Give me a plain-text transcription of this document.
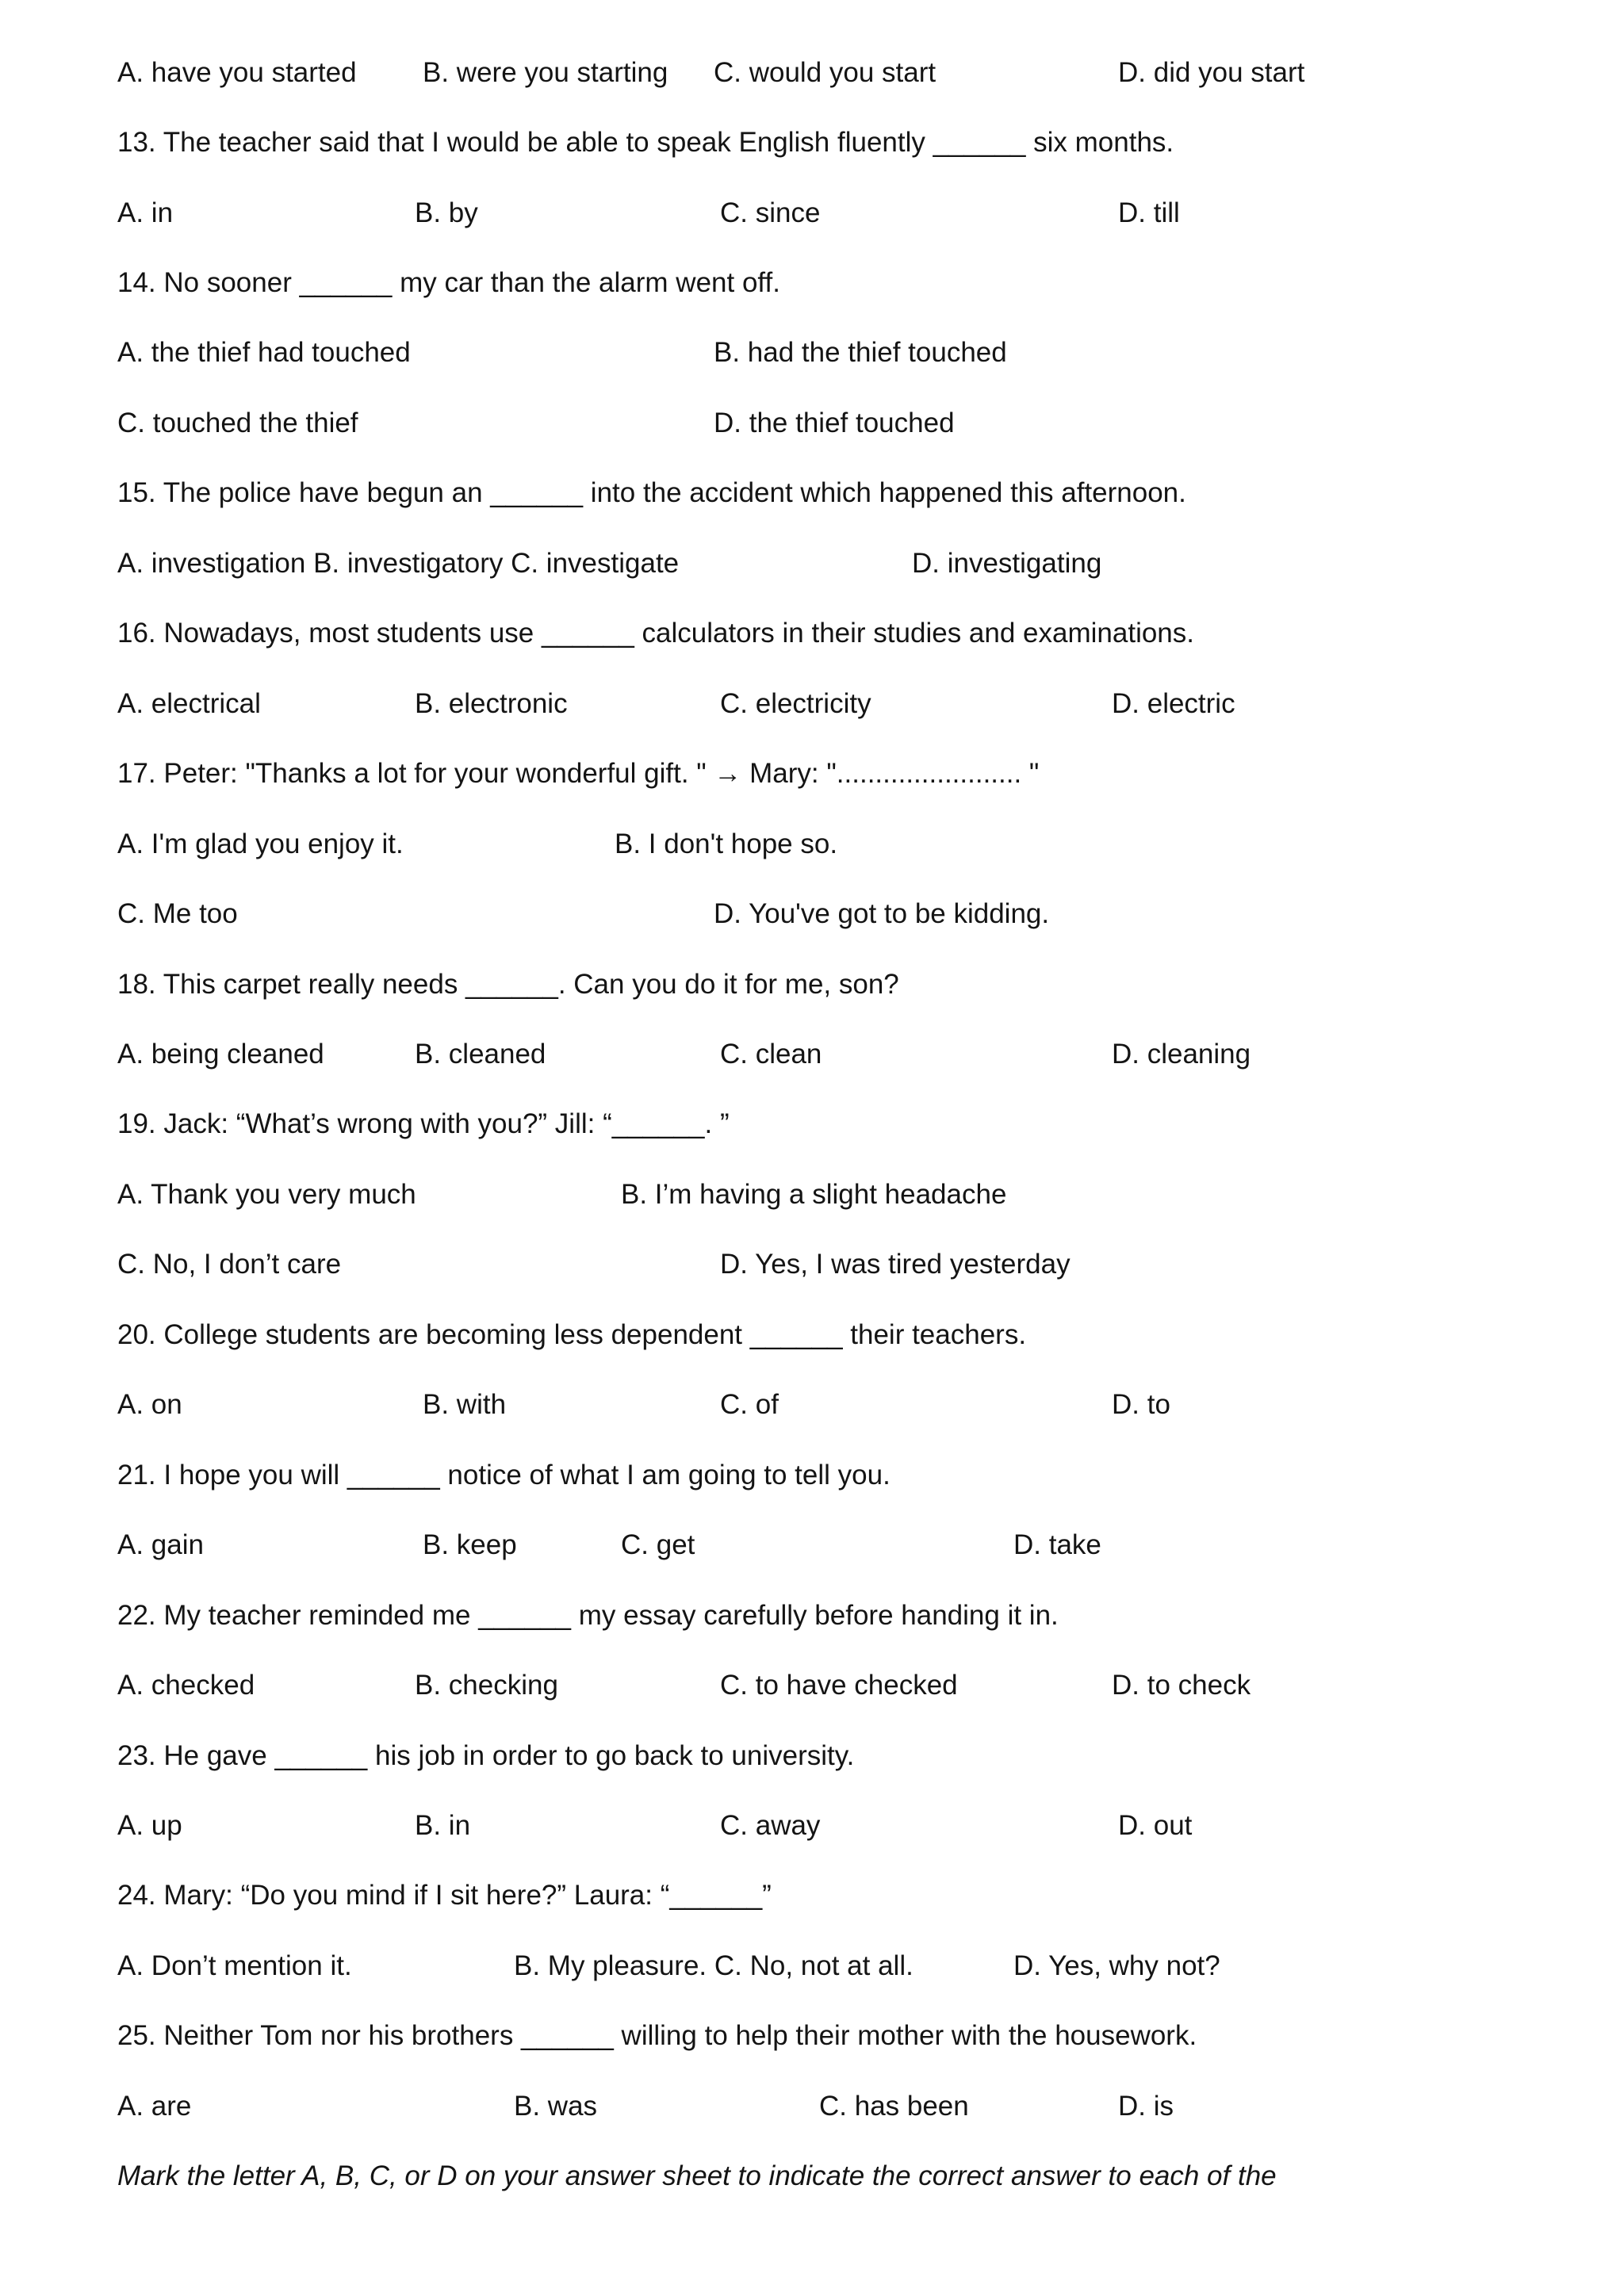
A. have you started B. were you starting C. would you start	D. did you start
13. The teacher said that I would be able to speak English fluently ______ six months.
A. in	B. by	C. since	D. till
14. No sooner ______ my car than the alarm went off.
A. the thief had touched	B. had the thief touched
C. touched the thief	D. the thief touched
15. The police have begun an ______ into the accident which happened this afternoon.
A. investigation B. investigatory C. investigate	D. investigating
16. Nowadays, most students use ______ calculators in their studies and examinations.
A. electrical	B. electronic	C. electricity	D. electric
17. Peter: "Thanks a lot for your wonderful gift. " → Mary: "........................ "
A. I'm glad you enjoy it.	B. I don't hope so.
C. Me too	D. You've got to be kidding.
18. This carpet really needs ______. Can you do it for me, son?
A. being cleaned	B. cleaned	C. clean	D. cleaning
19. Jack: “What’s wrong with you?” Jill: “______. ”
A. Thank you very much	B. I’m having a slight headache
C. No, I don’t care	D. Yes, I was tired yesterday
20. College students are becoming less dependent ______ their teachers.
A. on	B. with	C. of	D. to
21. I hope you will ______ notice of what I am going to tell you.
A. gain	B. keep	C. get	D. take
22. My teacher reminded me ______ my essay carefully before handing it in.
A. checked	B. checking	C. to have checked	D. to check
23. He gave ______ his job in order to go back to university.
A. up	B. in	C. away	D. out
24. Mary: “Do you mind if I sit here?” Laura: “______”
A. Don’t mention it.	B. My pleasure. C. No, not at all.	D. Yes, why not?
25. Neither Tom nor his brothers ______ willing to help their mother with the housework.
A. are	B. was	C. has been	D. is
Mark the letter A, B, C, or D on your answer sheet to indicate the correct answer to each of the
